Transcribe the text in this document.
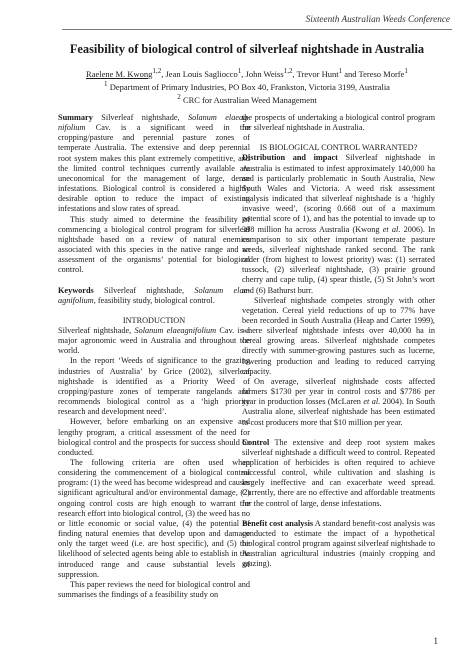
Sixteenth Australian Weeds Conference
Feasibility of biological control of silverleaf nightshade in Australia
Raelene M. Kwong$^{1,2}$, Jean Louis Sagliocco$^1$, John Weiss$^{1,2}$, Trevor Hunt$^1$ and Tereso Morfe$^1$
$^1$ Department of Primary Industries, PO Box 40, Frankston, Victoria 3199, Australia
$^2$ CRC for Australian Weed Management

Summary Silverleaf nightshade, Solanum elaeag-nifolium Cav. is a significant weed in the cropping/pasture and perennial pasture zones of temperate Australia. The extensive and deep perennial root system makes this plant extremely competitive, and the limited control techniques currently available are uneconomical for the management of large, dense infestations. Biological control is considered a highly desirable option to reduce the impact of existing infestations and slow rates of spread.

This study aimed to determine the feasibility of commencing a biological control program for silverleaf nightshade based on a review of natural enemies associated with this species in the native range and an assessment of the organisms’ potential for biological control.

Keywords Silverleaf nightshade, Solanum elae-agnifolium, feasibility study, biological control.

INTRODUCTION

Silverleaf nightshade, Solanum elaeagnifolium Cav. is a major agronomic weed in Australia and throughout the world.

In the report ‘Weeds of significance to the grazing industries of Australia’ by Grice (2002), silverleaf nightshade is identified as a Priority Weed of cropping/pasture zones of temperate rangelands and recommends biological control as a ‘high priority research and development need’.

However, before embarking on an expensive and lengthy program, a critical assessment of the need for biological control and the prospects for success should be conducted.

The following criteria are often used when considering the commencement of a biological control program: (1) the weed has become widespread and causes significant agricultural and/or environmental damage, (2) ongoing control costs are high enough to warrant the research effort into biological control, (3) the weed has no or little economic or social value, (4) the potential of finding natural enemies that develop upon and damage only the target weed (i.e. are host specific), and (5) the likelihood of selected agents being able to establish in the introduced range and cause substantial levels of suppression.

This paper reviews the need for biological control and summarises the findings of a feasibility study on

the prospects of undertaking a biological control program for silverleaf nightshade in Australia.

IS BIOLOGICAL CONTROL WARRANTED?

Distribution and impact Silverleaf nightshade in Australia is estimated to infest approximately 140,000 ha and is particularly problematic in South Australia, New South Wales and Victoria. A weed risk assessment analysis indicated that silverleaf nightshade is a ‘highly invasive weed’, (scoring 0.668 out of a maximum potential score of 1), and has the potential to invade up to 398 million ha across Australia (Kwong et al. 2006). In comparison to six other important temperate pasture weeds, silverleaf nightshade ranked second. The rank order (from highest to lowest priority) was: (1) serrated tussock, (2) silverleaf nightshade, (3) prairie ground cherry and cape tulip, (4) spear thistle, (5) St John’s wort and (6) Bathurst burr.

Silverleaf nightshade competes strongly with other vegetation. Cereal yield reductions of up to 77% have been recorded in South Australia (Heap and Carter 1999), where silverleaf nightshade infests over 40,000 ha in cereal growing areas. Silverleaf nightshade competes directly with summer-growing pastures such as lucerne, lowering production and leading to reduced carrying capacity.

On average, silverleaf nightshade costs affected farmers $1730 per year in control costs and $7786 per year in production losses (McLaren et al. 2004). In South Australia alone, silverleaf nightshade has been estimated to cost producers more that $10 million per year.

Control The extensive and deep root system makes silverleaf nightshade a difficult weed to control. Repeated application of herbicides is often required to achieve successful control, while cultivation and slashing is largely ineffective and can exacerbate weed spread. Currently, there are no effective and affordable treatments for the control of large, dense infestations.

Benefit cost analysis A standard benefit-cost analysis was conducted to estimate the impact of a hypothetical biological control program against silverleaf nightshade to Australian agricultural industries (mainly cropping and grazing).

1
